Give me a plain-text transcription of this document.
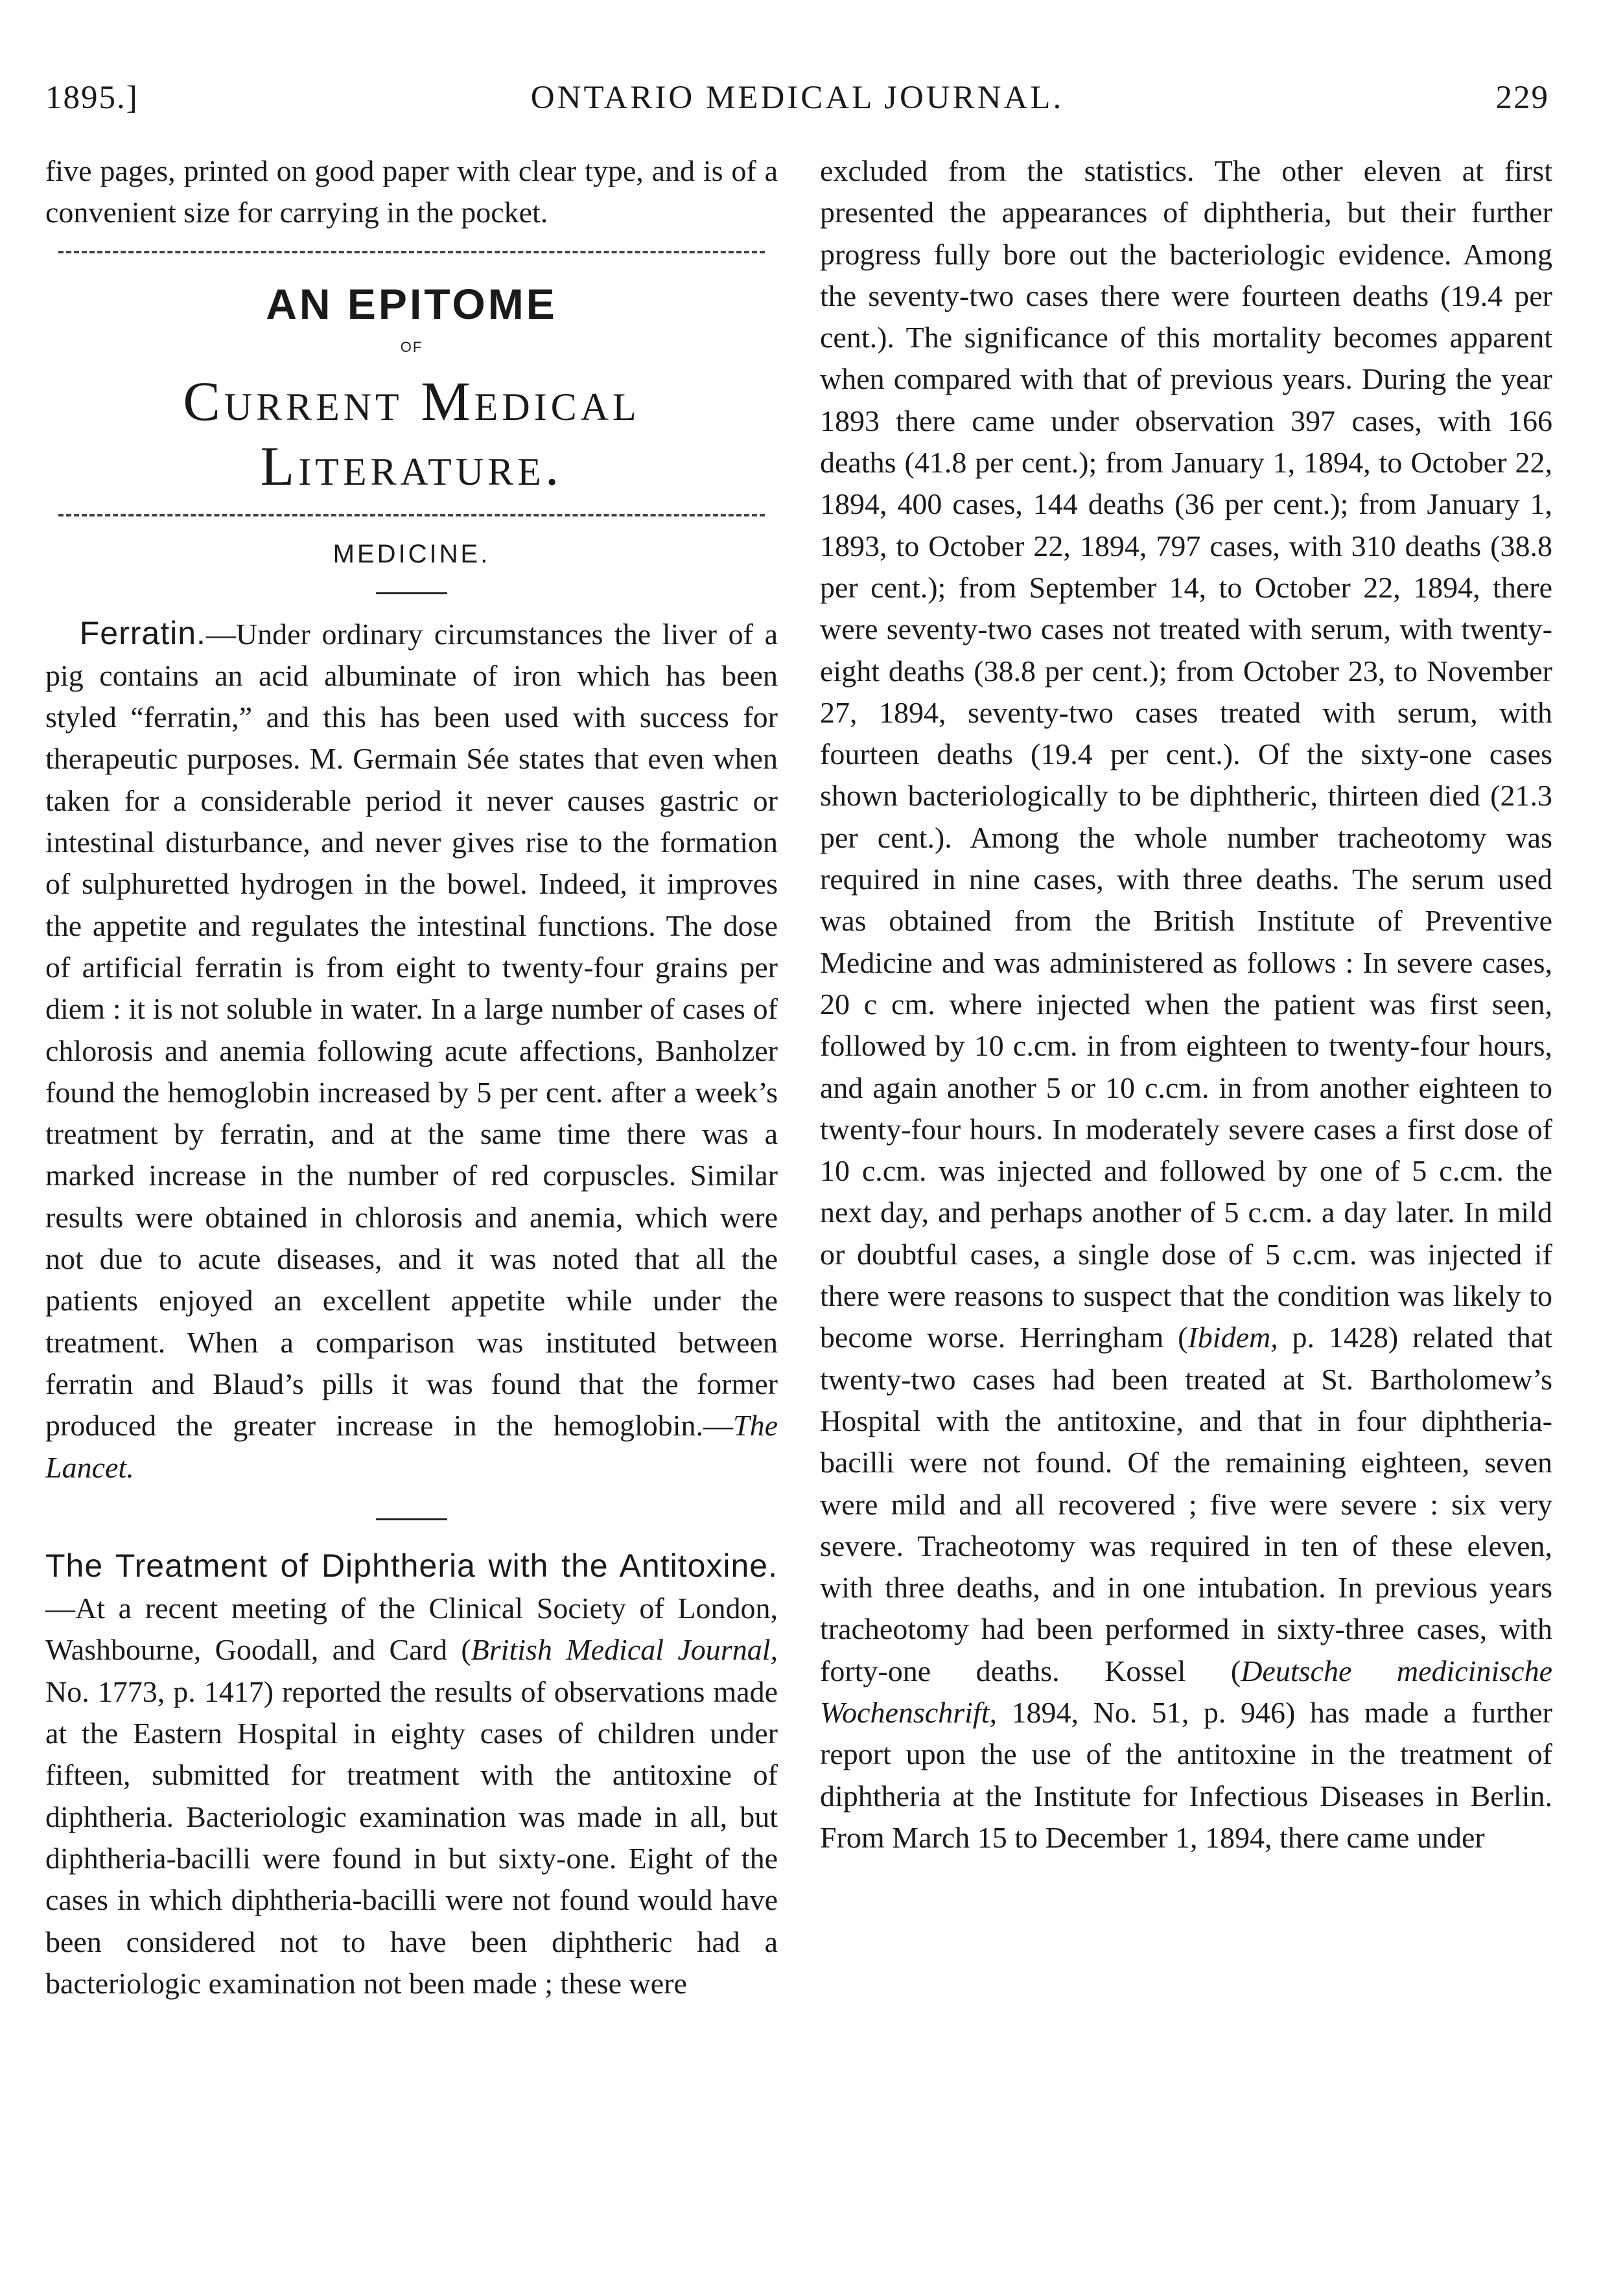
1895.]	ONTARIO MEDICAL JOURNAL.	229

five pages, printed on good paper with clear type, and is of a convenient size for carrying in the pocket.

AN EPITOME
OF
Current Medical Literature.
MEDICINE.

Ferratin.—Under ordinary circumstances the liver of a pig contains an acid albuminate of iron which has been styled “ferratin,” and this has been used with success for therapeutic purposes. M. Germain Sée states that even when taken for a considerable period it never causes gastric or intestinal disturbance, and never gives rise to the formation of sulphuretted hydrogen in the bowel. Indeed, it improves the appetite and regulates the intestinal functions. The dose of artificial ferratin is from eight to twenty-four grains per diem : it is not soluble in water. In a large number of cases of chlorosis and anemia following acute affections, Banholzer found the hemoglobin increased by 5 per cent. after a week’s treatment by ferratin, and at the same time there was a marked increase in the number of red corpuscles. Similar results were obtained in chlorosis and anemia, which were not due to acute diseases, and it was noted that all the patients enjoyed an excellent appetite while under the treatment. When a comparison was instituted between ferratin and Blaud’s pills it was found that the former produced the greater increase in the hemoglobin.—The Lancet.

The Treatment of Diphtheria with the Antitoxine. —At a recent meeting of the Clinical Society of London, Washbourne, Goodall, and Card (British Medical Journal, No. 1773, p. 1417) reported the results of observations made at the Eastern Hospital in eighty cases of children under fifteen, submitted for treatment with the antitoxine of diphtheria. Bacteriologic examination was made in all, but diphtheria-bacilli were found in but sixty-one. Eight of the cases in which diphtheria-bacilli were not found would have been considered not to have been diphtheric had a bacteriologic examination not been made ; these were

excluded from the statistics. The other eleven at first presented the appearances of diphtheria, but their further progress fully bore out the bacteriologic evidence. Among the seventy-two cases there were fourteen deaths (19.4 per cent.). The significance of this mortality becomes apparent when compared with that of previous years. During the year 1893 there came under observation 397 cases, with 166 deaths (41.8 per cent.); from January 1, 1894, to October 22, 1894, 400 cases, 144 deaths (36 per cent.); from January 1, 1893, to October 22, 1894, 797 cases, with 310 deaths (38.8 per cent.); from September 14, to October 22, 1894, there were seventy-two cases not treated with serum, with twenty-eight deaths (38.8 per cent.); from October 23, to November 27, 1894, seventy-two cases treated with serum, with fourteen deaths (19.4 per cent.). Of the sixty-one cases shown bacteriologically to be diphtheric, thirteen died (21.3 per cent.). Among the whole number tracheotomy was required in nine cases, with three deaths. The serum used was obtained from the British Institute of Preventive Medicine and was administered as follows : In severe cases, 20 c cm. where injected when the patient was first seen, followed by 10 c.cm. in from eighteen to twenty-four hours, and again another 5 or 10 c.cm. in from another eighteen to twenty-four hours. In moderately severe cases a first dose of 10 c.cm. was injected and followed by one of 5 c.cm. the next day, and perhaps another of 5 c.cm. a day later. In mild or doubtful cases, a single dose of 5 c.cm. was injected if there were reasons to suspect that the condition was likely to become worse. Herringham (Ibidem, p. 1428) related that twenty-two cases had been treated at St. Bartholomew’s Hospital with the antitoxine, and that in four diphtheria-bacilli were not found. Of the remaining eighteen, seven were mild and all recovered ; five were severe : six very severe. Tracheotomy was required in ten of these eleven, with three deaths, and in one intubation. In previous years tracheotomy had been performed in sixty-three cases, with forty-one deaths. Kossel (Deutsche medicinische Wochenschrift, 1894, No. 51, p. 946) has made a further report upon the use of the antitoxine in the treatment of diphtheria at the Institute for Infectious Diseases in Berlin. From March 15 to December 1, 1894, there came under
